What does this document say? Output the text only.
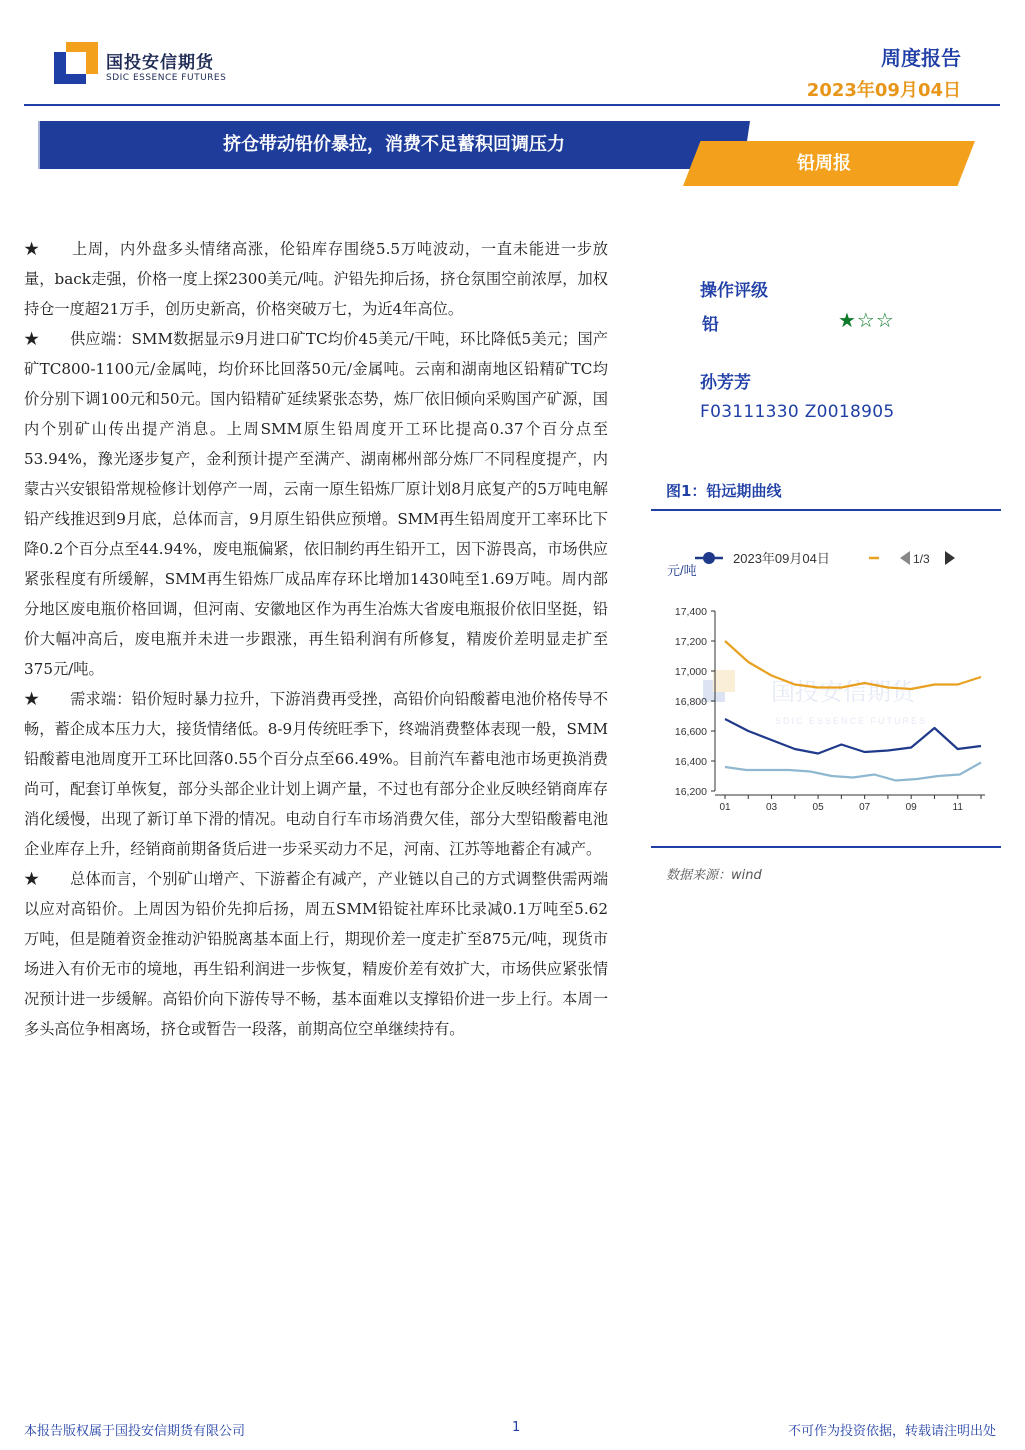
国投安信期货
SDIC ESSENCE FUTURES
周度报告
2023年09月04日
挤仓带动铅价暴拉，消费不足蓄积回调压力
铅周报

★　　上周，内外盘多头情绪高涨，伦铅库存围绕5.5万吨波动，一直未能进一步放量，back走强，价格一度上探2300美元/吨。沪铅先抑后扬，挤仓氛围空前浓厚，加权持仓一度超21万手，创历史新高，价格突破万七，为近4年高位。

★　　供应端：SMM数据显示9月进口矿TC均价45美元/干吨，环比降低5美元；国产矿TC800-1100元/金属吨，均价环比回落50元/金属吨。云南和湖南地区铅精矿TC均价分别下调100元和50元。国内铅精矿延续紧张态势，炼厂依旧倾向采购国产矿源，国内个别矿山传出提产消息。上周SMM原生铅周度开工环比提高0.37个百分点至53.94%，豫光逐步复产，金利预计提产至满产、湖南郴州部分炼厂不同程度提产，内蒙古兴安银铅常规检修计划停产一周，云南一原生铅炼厂原计划8月底复产的5万吨电解铅产线推迟到9月底，总体而言，9月原生铅供应预增。SMM再生铅周度开工率环比下降0.2个百分点至44.94%，废电瓶偏紧，依旧制约再生铅开工，因下游畏高，市场供应紧张程度有所缓解，SMM再生铅炼厂成品库存环比增加1430吨至1.69万吨。周内部分地区废电瓶价格回调，但河南、安徽地区作为再生冶炼大省废电瓶报价依旧坚挺，铅价大幅冲高后，废电瓶并未进一步跟涨，再生铅利润有所修复，精废价差明显走扩至375元/吨。

★　　需求端：铅价短时暴力拉升，下游消费再受挫，高铅价向铅酸蓄电池价格传导不畅，蓄企成本压力大，接货情绪低。8-9月传统旺季下，终端消费整体表现一般，SMM铅酸蓄电池周度开工环比回落0.55个百分点至66.49%。目前汽车蓄电池市场更换消费尚可，配套订单恢复，部分头部企业计划上调产量，不过也有部分企业反映经销商库存消化缓慢，出现了新订单下滑的情况。电动自行车市场消费欠佳，部分大型铅酸蓄电池企业库存上升，经销商前期备货后进一步采买动力不足，河南、江苏等地蓄企有减产。

★　　总体而言，个别矿山增产、下游蓄企有减产，产业链以自己的方式调整供需两端以应对高铅价。上周因为铅价先抑后扬，周五SMM铅锭社库环比录减0.1万吨至5.62万吨，但是随着资金推动沪铅脱离基本面上行，期现价差一度走扩至875元/吨，现货市场进入有价无市的境地，再生铅利润进一步恢复，精废价差有效扩大，市场供应紧张情况预计进一步缓解。高铅价向下游传导不畅，基本面难以支撑铅价进一步上行。本周一多头高位争相离场，挤仓或暂告一段落，前期高位空单继续持有。

操作评级
铅	★☆☆
孙芳芳
F03111330 Z0018905
图1：铅远期曲线
国投安信期货
SDIC ESSENCE FUTURES
2023年09月04日	1/3
元/吨
17,400
17,200
17,000
16,800
16,600
16,400
16,200
01	03	05	07	09	11
数据来源：wind
本报告版权属于国投安信期货有限公司	1	不可作为投资依据，转载请注明出处
